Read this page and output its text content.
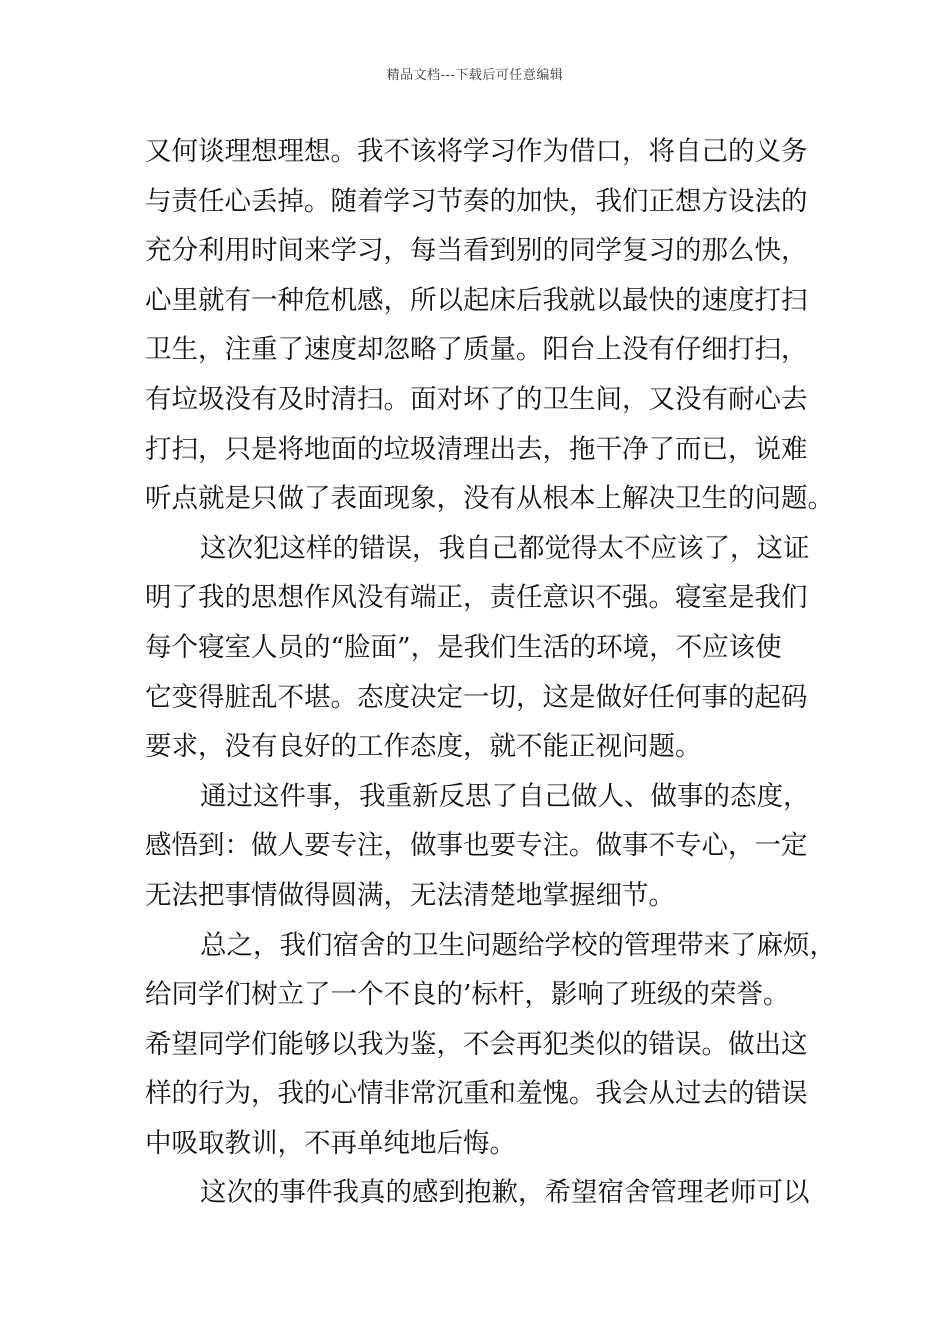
精品文档---下载后可任意编辑
又何谈理想理想。我不该将学习作为借口，将自己的义务
与责任心丢掉。随着学习节奏的加快，我们正想方设法的
充分利用时间来学习，每当看到别的同学复习的那么快，
心里就有一种危机感，所以起床后我就以最快的速度打扫
卫生，注重了速度却忽略了质量。阳台上没有仔细打扫，
有垃圾没有及时清扫。面对坏了的卫生间，又没有耐心去
打扫，只是将地面的垃圾清理出去，拖干净了而已，说难
听点就是只做了表面现象，没有从根本上解决卫生的问题。
这次犯这样的错误，我自己都觉得太不应该了，这证
明了我的思想作风没有端正，责任意识不强。寝室是我们
每个寝室人员的“脸面”，是我们生活的环境，不应该使
它变得脏乱不堪。态度决定一切，这是做好任何事的起码
要求，没有良好的工作态度，就不能正视问题。
通过这件事，我重新反思了自己做人、做事的态度，
感悟到：做人要专注，做事也要专注。做事不专心，一定
无法把事情做得圆满，无法清楚地掌握细节。
总之，我们宿舍的卫生问题给学校的管理带来了麻烦，
给同学们树立了一个不良的’标杆，影响了班级的荣誉。
希望同学们能够以我为鉴，不会再犯类似的错误。做出这
样的行为，我的心情非常沉重和羞愧。我会从过去的错误
中吸取教训，不再单纯地后悔。
这次的事件我真的感到抱歉，希望宿舍管理老师可以
